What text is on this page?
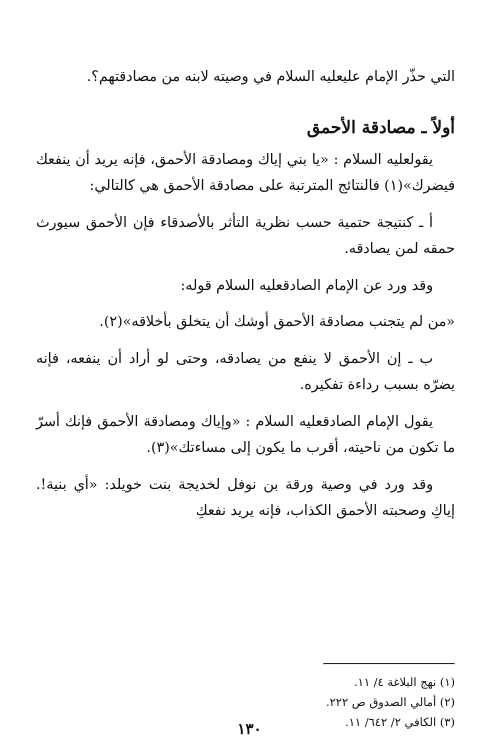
التي حذّر الإمام عليعليه السلام في وصيته لابنه من مصادقتهم؟.

أولاً ـ مصادقة الأحمق

يقولعليه السلام : «يا بني إياك ومصادقة الأحمق، فإنه يريد أن ينفعك فيضرك»(١) فالنتائج المترتبة على مصادقة الأحمق هي كالتالي:

أ ـ كنتيجة حتمية حسب نظرية التأثر بالأصدقاء فإن الأحمق سيورث حمقه لمن يصادقه.

وقد ورد عن الإمام الصادقعليه السلام قوله:

«من لم يتجنب مصادقة الأحمق أوشك أن يتخلق بأخلاقه»(٢).

ب ـ إن الأحمق لا ينفع من يصادقه، وحتى لو أراد أن ينفعه، فإنه يضرّه بسبب رداءة تفكيره.

يقول الإمام الصادقعليه السلام : «وإياك ومصادقة الأحمق فإنك أسرّ ما تكون من ناحيته، أقرب ما يكون إلى مساءتك»(٣).

وقد ورد في وصية ورقة بن نوفل لخديجة بنت خويلد: «أي بنية!. إياكِ وصحبته الأحمق الكذاب، فإنه يريد نفعكِ

(١) نهج البلاغة ٤/ ١١.
(٢) أمالي الصدوق ص ٢٢٢.
(٣) الكافي ٢/ ٦٤٢/ ١١.
١٣٠
